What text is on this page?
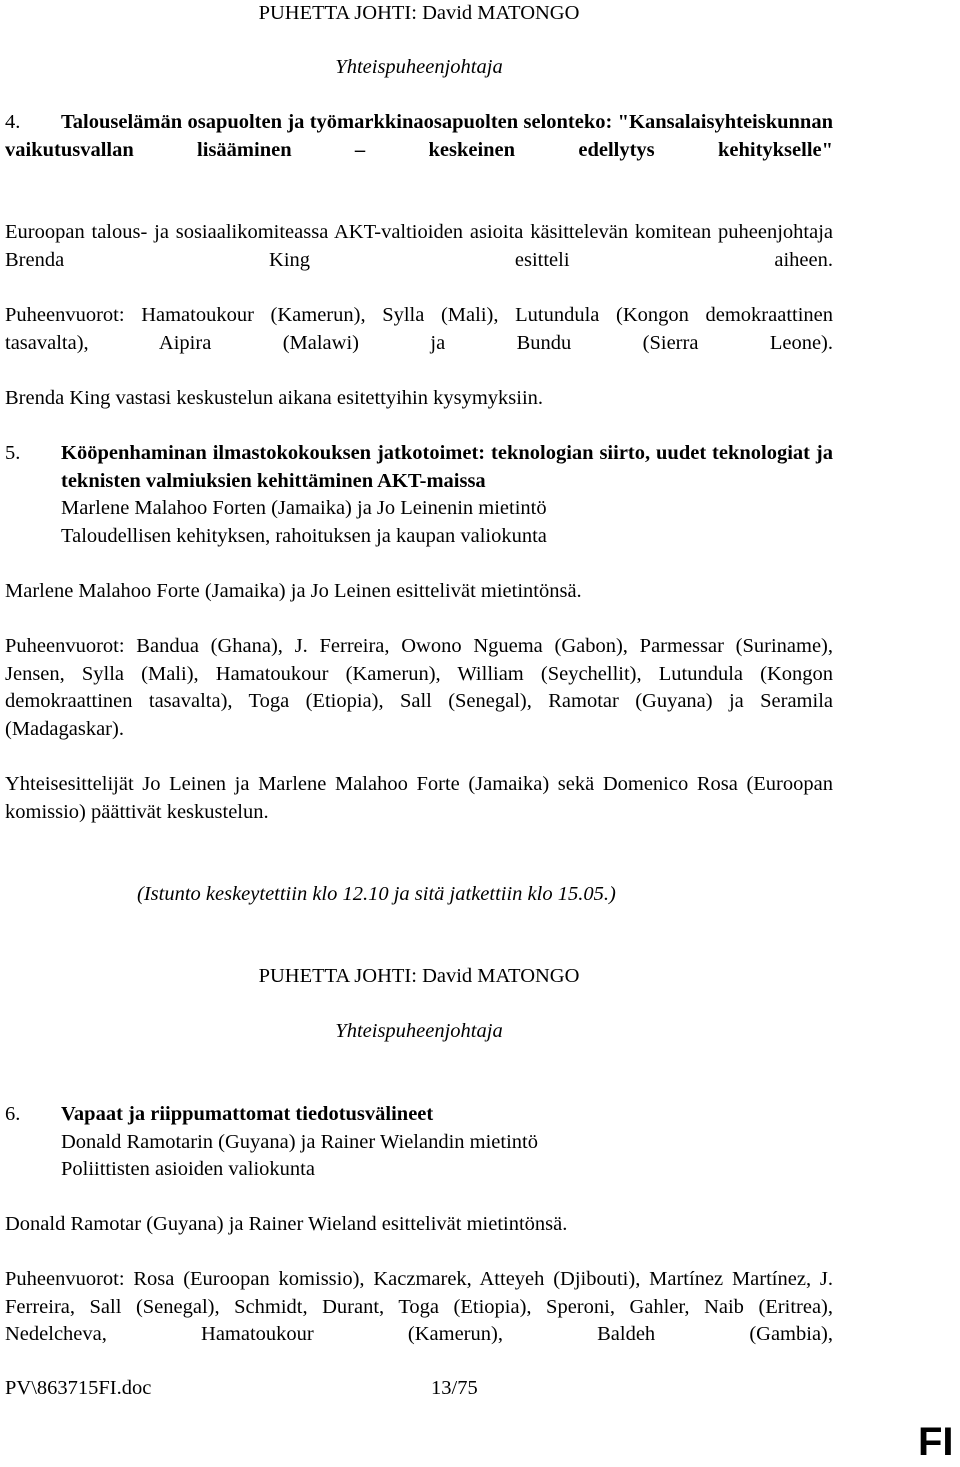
PUHETTA JOHTI: David MATONGO
Yhteispuheenjohtaja
4.	Talouselämän osapuolten ja työmarkkinaosapuolten selonteko: "Kansalaisyhteiskunnan vaikutusvallan lisääminen – keskeinen edellytys kehitykselle"
Euroopan talous- ja sosiaalikomiteassa AKT-valtioiden asioita käsittelevän komitean puheenjohtaja Brenda King esitteli aiheen.
Puheenvuorot: Hamatoukour (Kamerun), Sylla (Mali), Lutundula (Kongon demokraattinen tasavalta), Aipira (Malawi) ja Bundu (Sierra Leone).
Brenda King vastasi keskustelun aikana esitettyihin kysymyksiin.
5. Kööpenhaminan ilmastokokouksen jatkotoimet: teknologian siirto, uudet teknologiat ja teknisten valmiuksien kehittäminen AKT-maissa
Marlene Malahoo Forten (Jamaika) ja Jo Leinenin mietintö
Taloudellisen kehityksen, rahoituksen ja kaupan valiokunta
Marlene Malahoo Forte (Jamaika) ja Jo Leinen esittelivät mietintönsä.
Puheenvuorot: Bandua (Ghana), J. Ferreira, Owono Nguema (Gabon), Parmessar (Suriname), Jensen, Sylla (Mali), Hamatoukour (Kamerun), William (Seychellit), Lutundula (Kongon demokraattinen tasavalta), Toga (Etiopia), Sall (Senegal), Ramotar (Guyana) ja Seramila (Madagaskar).
Yhteisesittelijät Jo Leinen ja Marlene Malahoo Forte (Jamaika) sekä Domenico Rosa (Euroopan komissio) päättivät keskustelun.
(Istunto keskeytettiin klo 12.10 ja sitä jatkettiin klo 15.05.)
PUHETTA JOHTI: David MATONGO
Yhteispuheenjohtaja
6. Vapaat ja riippumattomat tiedotusvälineet
Donald Ramotarin (Guyana) ja Rainer Wielandin mietintö
Poliittisten asioiden valiokunta
Donald Ramotar (Guyana) ja Rainer Wieland esittelivät mietintönsä.
Puheenvuorot: Rosa (Euroopan komissio), Kaczmarek, Atteyeh (Djibouti), Martínez Martínez, J. Ferreira, Sall (Senegal), Schmidt, Durant, Toga (Etiopia), Speroni, Gahler, Naib (Eritrea), Nedelcheva, Hamatoukour (Kamerun), Baldeh (Gambia),
PV\863715FI.doc	13/75
FI
